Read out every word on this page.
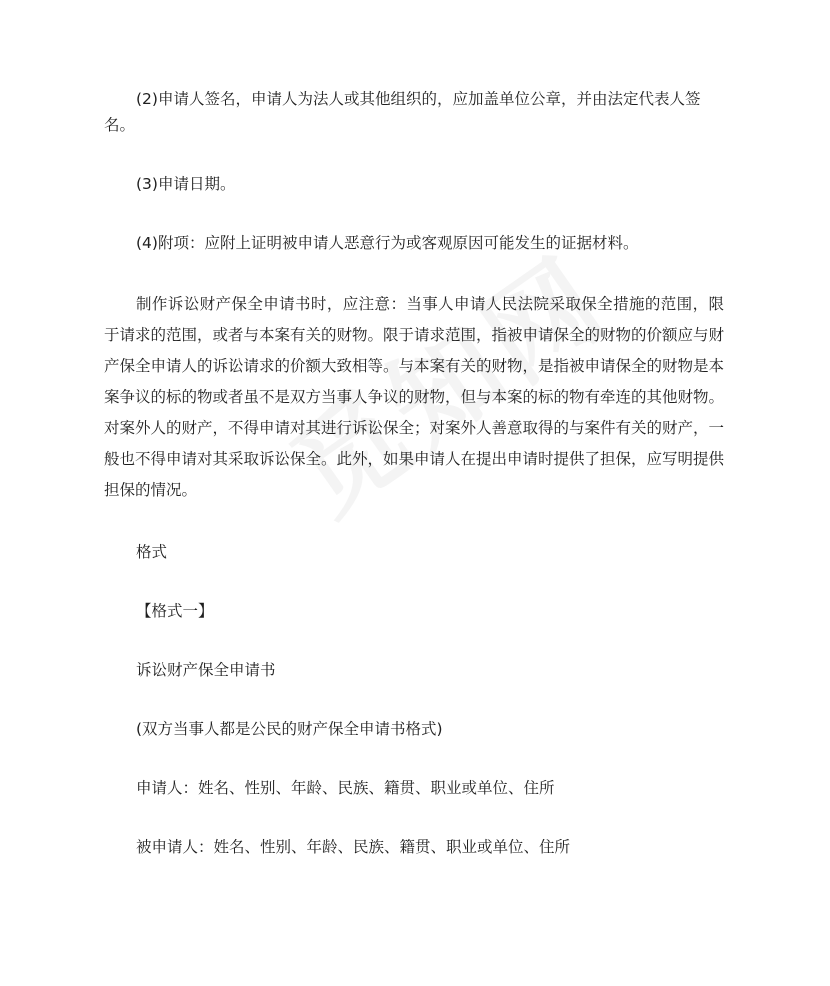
(2)申请人签名，申请人为法人或其他组织的，应加盖单位公章，并由法定代表人签名。

(3)申请日期。

(4)附项：应附上证明被申请人恶意行为或客观原因可能发生的证据材料。

制作诉讼财产保全申请书时，应注意：当事人申请人民法院采取保全措施的范围，限于请求的范围，或者与本案有关的财物。限于请求范围，指被申请保全的财物的价额应与财产保全申请人的诉讼请求的价额大致相等。与本案有关的财物，是指被申请保全的财物是本案争议的标的物或者虽不是双方当事人争议的财物，但与本案的标的物有牵连的其他财物。对案外人的财产，不得申请对其进行诉讼保全；对案外人善意取得的与案件有关的财产，一般也不得申请对其采取诉讼保全。此外，如果申请人在提出申请时提供了担保，应写明提供担保的情况。

格式

【格式一】

诉讼财产保全申请书

(双方当事人都是公民的财产保全申请书格式)

申请人：姓名、性别、年龄、民族、籍贯、职业或单位、住所

被申请人：姓名、性别、年龄、民族、籍贯、职业或单位、住所
